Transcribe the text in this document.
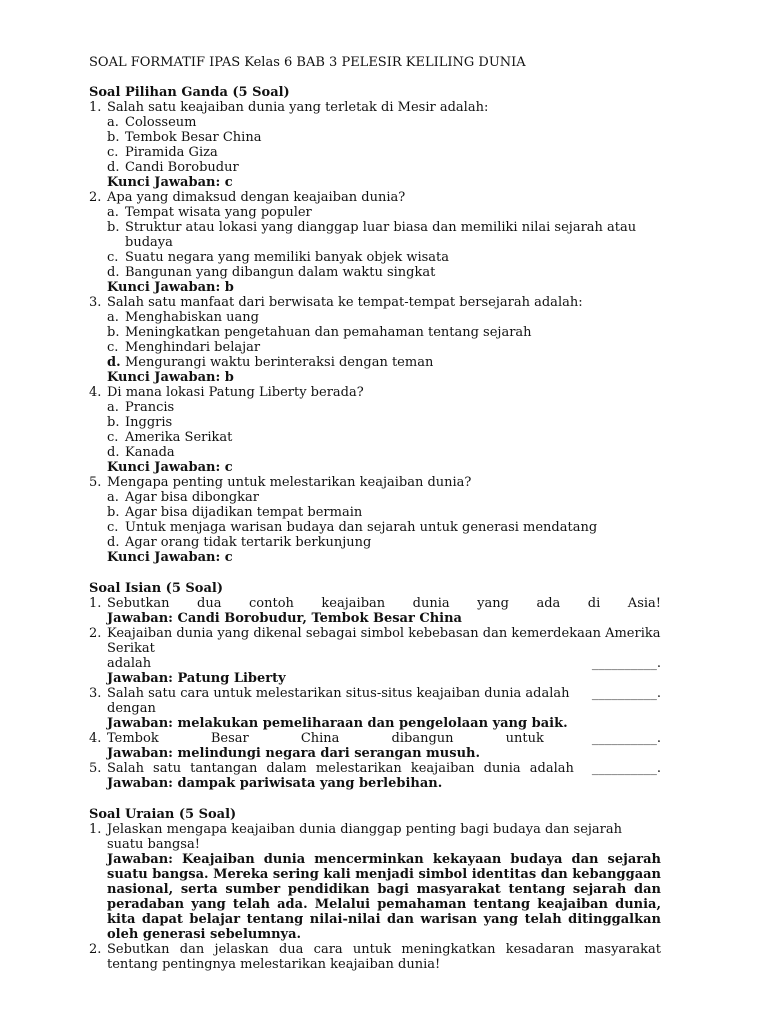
SOAL FORMATIF IPAS Kelas 6 BAB 3 PELESIR KELILING DUNIA

Soal Pilihan Ganda (5 Soal)

1. Salah satu keajaiban dunia yang terletak di Mesir adalah:
a. Colosseum
b. Tembok Besar China
c. Piramida Giza
d. Candi Borobudur
Kunci Jawaban: c
2. Apa yang dimaksud dengan keajaiban dunia?
a. Tempat wisata yang populer
b. Struktur atau lokasi yang dianggap luar biasa dan memiliki nilai sejarah atau budaya
c. Suatu negara yang memiliki banyak objek wisata
d. Bangunan yang dibangun dalam waktu singkat
Kunci Jawaban: b
3. Salah satu manfaat dari berwisata ke tempat-tempat bersejarah adalah:
a. Menghabiskan uang
b. Meningkatkan pengetahuan dan pemahaman tentang sejarah
c. Menghindari belajar
d. Mengurangi waktu berinteraksi dengan teman
Kunci Jawaban: b
4. Di mana lokasi Patung Liberty berada?
a. Prancis
b. Inggris
c. Amerika Serikat
d. Kanada
Kunci Jawaban: c
5. Mengapa penting untuk melestarikan keajaiban dunia?
a. Agar bisa dibongkar
b. Agar bisa dijadikan tempat bermain
c. Untuk menjaga warisan budaya dan sejarah untuk generasi mendatang
d. Agar orang tidak tertarik berkunjung
Kunci Jawaban: c

Soal Isian (5 Soal)

1. Sebutkan dua contoh keajaiban dunia yang ada di Asia!
Jawaban: Candi Borobudur, Tembok Besar China
2. Keajaiban dunia yang dikenal sebagai simbol kebebasan dan kemerdekaan Amerika Serikat
adalah	__________.
Jawaban: Patung Liberty
3. Salah satu cara untuk melestarikan situs-situs keajaiban dunia adalah dengan
__________.
Jawaban: melakukan pemeliharaan dan pengelolaan yang baik.
4. Tembok Besar China dibangun untuk	__________.
Jawaban: melindungi negara dari serangan musuh.
5. Salah satu tantangan dalam melestarikan keajaiban dunia adalah	__________.
Jawaban: dampak pariwisata yang berlebihan.

Soal Uraian (5 Soal)

1. Jelaskan mengapa keajaiban dunia dianggap penting bagi budaya dan sejarah suatu bangsa!
Jawaban: Keajaiban dunia mencerminkan kekayaan budaya dan sejarah suatu bangsa. Mereka sering kali menjadi simbol identitas dan kebanggaan nasional, serta sumber pendidikan bagi masyarakat tentang sejarah dan peradaban yang telah ada. Melalui pemahaman tentang keajaiban dunia, kita dapat belajar tentang nilai-nilai dan warisan yang telah ditinggalkan oleh generasi sebelumnya.
2. Sebutkan dan jelaskan dua cara untuk meningkatkan kesadaran masyarakat tentang pentingnya melestarikan keajaiban dunia!
